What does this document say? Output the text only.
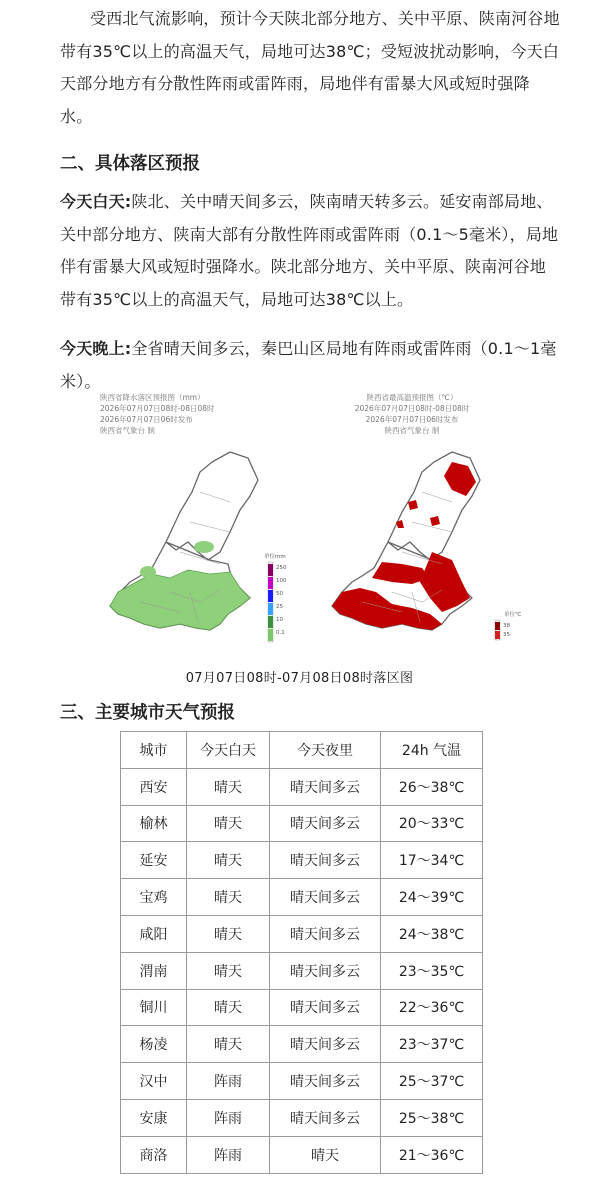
受西北气流影响，预计今天陕北部分地方、关中平原、陕南河谷地带有35℃以上的高温天气，局地可达38℃；受短波扰动影响，今天白天部分地方有分散性阵雨或雷阵雨，局地伴有雷暴大风或短时强降水。

二、具体落区预报

今天白天:陕北、关中晴天间多云，陕南晴天转多云。延安南部局地、关中部分地方、陕南大部有分散性阵雨或雷阵雨（0.1～5毫米），局地伴有雷暴大风或短时强降水。陕北部分地方、关中平原、陕南河谷地带有35℃以上的高温天气，局地可达38℃以上。

今天晚上:全省晴天间多云，秦巴山区局地有阵雨或雷阵雨（0.1～1毫米）。

陕西省降水落区预报图（mm）
2026年07月07日08时-08日08时
2026年07月07日06时发布
陕西省气象台 制
单位mm
250
100
50
25
10
0.1
陕西省最高温预报图（℃）
2026年07月07日08时-08日08时
2026年07月07日06时发布
陕西省气象台 制
单位℃
38
35
07月07日08时-07月08日08时落区图
三、主要城市天气预报
城市	今天白天	今天夜里	24h 气温
西安	晴天	晴天间多云	26～38℃
榆林	晴天	晴天间多云	20～33℃
延安	晴天	晴天间多云	17～34℃
宝鸡	晴天	晴天间多云	24～39℃
咸阳	晴天	晴天间多云	24～38℃
渭南	晴天	晴天间多云	23～35℃
铜川	晴天	晴天间多云	22～36℃
杨凌	晴天	晴天间多云	23～37℃
汉中	阵雨	晴天间多云	25～37℃
安康	阵雨	晴天间多云	25～38℃
商洛	阵雨	晴天	21～36℃
